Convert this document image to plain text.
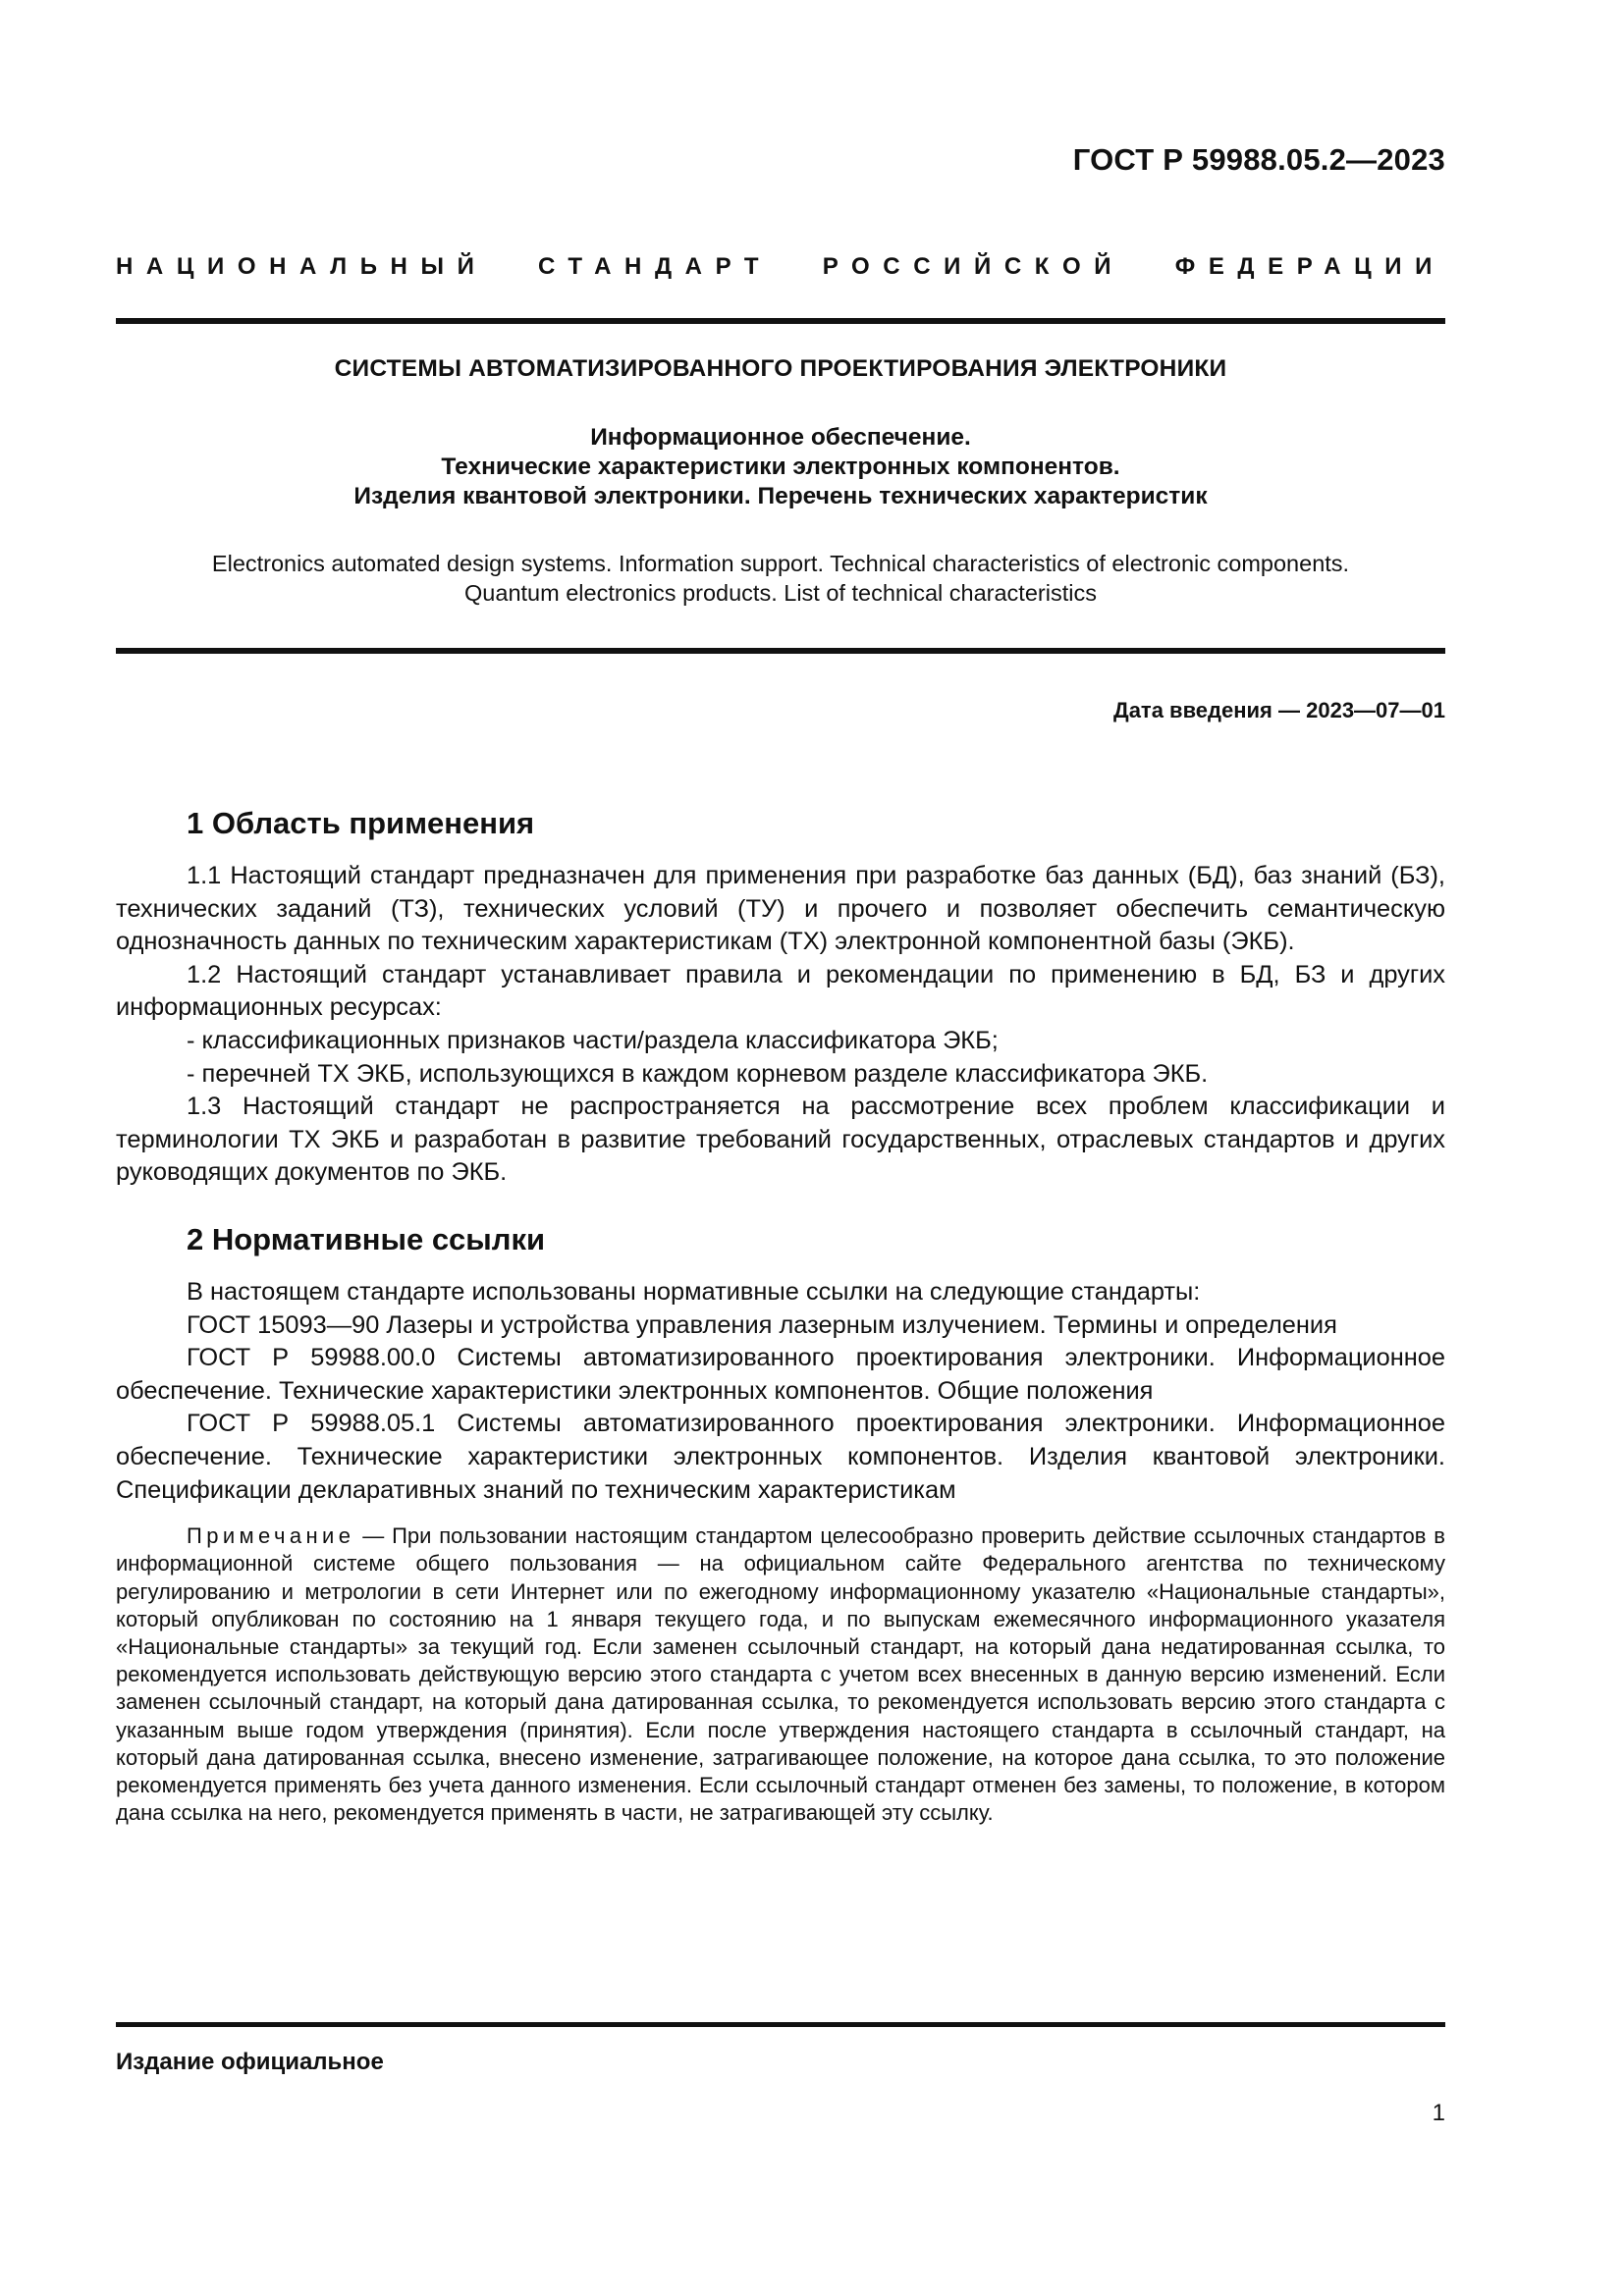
ГОСТ Р 59988.05.2—2023
НАЦИОНАЛЬНЫЙ СТАНДАРТ РОССИЙСКОЙ ФЕДЕРАЦИИ
СИСТЕМЫ АВТОМАТИЗИРОВАННОГО ПРОЕКТИРОВАНИЯ ЭЛЕКТРОНИКИ
Информационное обеспечение.
Технические характеристики электронных компонентов.
Изделия квантовой электроники. Перечень технических характеристик
Electronics automated design systems. Information support. Technical characteristics of electronic components.
Quantum electronics products. List of technical characteristics
Дата введения — 2023—07—01
1 Область применения

1.1 Настоящий стандарт предназначен для применения при разработке баз данных (БД), баз знаний (БЗ), технических заданий (ТЗ), технических условий (ТУ) и прочего и позволяет обеспечить семантическую однозначность данных по техническим характеристикам (ТХ) электронной компонентной базы (ЭКБ).

1.2 Настоящий стандарт устанавливает правила и рекомендации по применению в БД, БЗ и других информационных ресурсах:

- классификационных признаков части/раздела классификатора ЭКБ;

- перечней ТХ ЭКБ, использующихся в каждом корневом разделе классификатора ЭКБ.

1.3 Настоящий стандарт не распространяется на рассмотрение всех проблем классификации и терминологии ТХ ЭКБ и разработан в развитие требований государственных, отраслевых стандартов и других руководящих документов по ЭКБ.

2 Нормативные ссылки

В настоящем стандарте использованы нормативные ссылки на следующие стандарты:

ГОСТ 15093—90 Лазеры и устройства управления лазерным излучением. Термины и определения

ГОСТ Р 59988.00.0 Системы автоматизированного проектирования электроники. Информационное обеспечение. Технические характеристики электронных компонентов. Общие положения

ГОСТ Р 59988.05.1 Системы автоматизированного проектирования электроники. Информационное обеспечение. Технические характеристики электронных компонентов. Изделия квантовой электроники. Спецификации декларативных знаний по техническим характеристикам

Примечание — При пользовании настоящим стандартом целесообразно проверить действие ссылочных стандартов в информационной системе общего пользования — на официальном сайте Федерального агентства по техническому регулированию и метрологии в сети Интернет или по ежегодному информационному указателю «Национальные стандарты», который опубликован по состоянию на 1 января текущего года, и по выпускам ежемесячного информационного указателя «Национальные стандарты» за текущий год. Если заменен ссылочный стандарт, на который дана недатированная ссылка, то рекомендуется использовать действующую версию этого стандарта с учетом всех внесенных в данную версию изменений. Если заменен ссылочный стандарт, на который дана датированная ссылка, то рекомендуется использовать версию этого стандарта с указанным выше годом утверждения (принятия). Если после утверждения настоящего стандарта в ссылочный стандарт, на который дана датированная ссылка, внесено изменение, затрагивающее положение, на которое дана ссылка, то это положение рекомендуется применять без учета данного изменения. Если ссылочный стандарт отменен без замены, то положение, в котором дана ссылка на него, рекомендуется применять в части, не затрагивающей эту ссылку.

Издание официальное
1
